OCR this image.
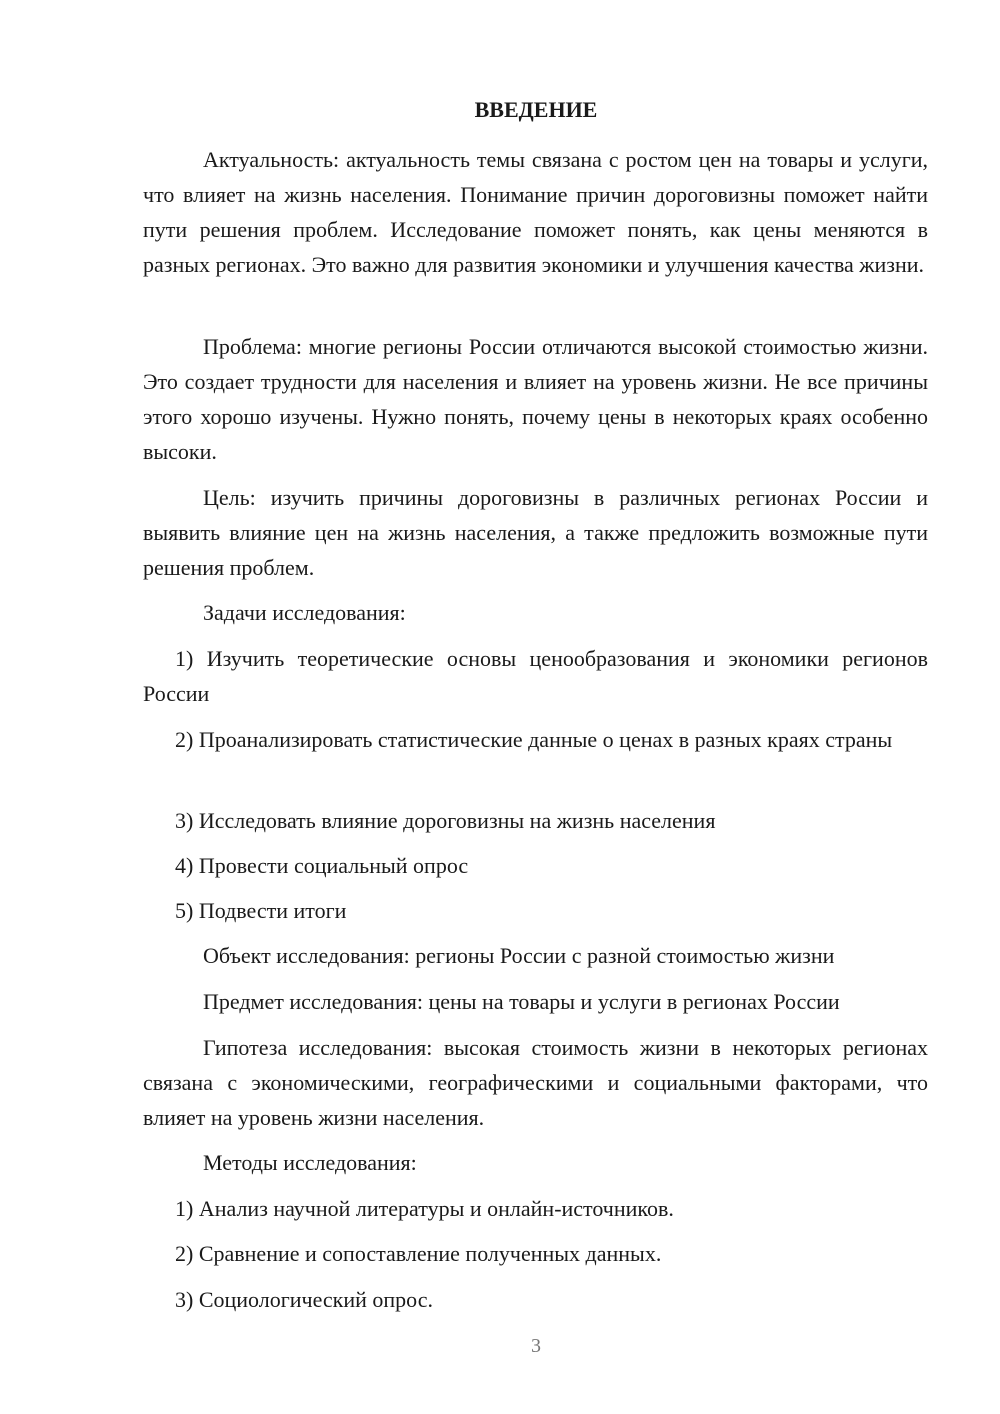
ВВЕДЕНИЕ

Актуальность: актуальность темы связана с ростом цен на товары и услуги, что влияет на жизнь населения. Понимание причин дороговизны поможет найти пути решения проблем. Исследование поможет понять, как цены меняются в разных регионах. Это важно для развития экономики и улучшения качества жизни.

Проблема: многие регионы России отличаются высокой стоимостью жизни. Это создает трудности для населения и влияет на уровень жизни. Не все причины этого хорошо изучены. Нужно понять, почему цены в некоторых краях особенно высоки.

Цель: изучить причины дороговизны в различных регионах России и выявить влияние цен на жизнь населения, а также предложить возможные пути решения проблем.

Задачи исследования:

1) Изучить теоретические основы ценообразования и экономики регионов России

2) Проанализировать статистические данные о ценах в разных краях страны

3) Исследовать влияние дороговизны на жизнь населения

4) Провести социальный опрос

5) Подвести итоги

Объект исследования: регионы России с разной стоимостью жизни

Предмет исследования: цены на товары и услуги в регионах России

Гипотеза исследования: высокая стоимость жизни в некоторых регионах связана с экономическими, географическими и социальными факторами, что влияет на уровень жизни населения.

Методы исследования:

1) Анализ научной литературы и онлайн-источников.

2) Сравнение и сопоставление полученных данных.

3) Социологический опрос.

3
